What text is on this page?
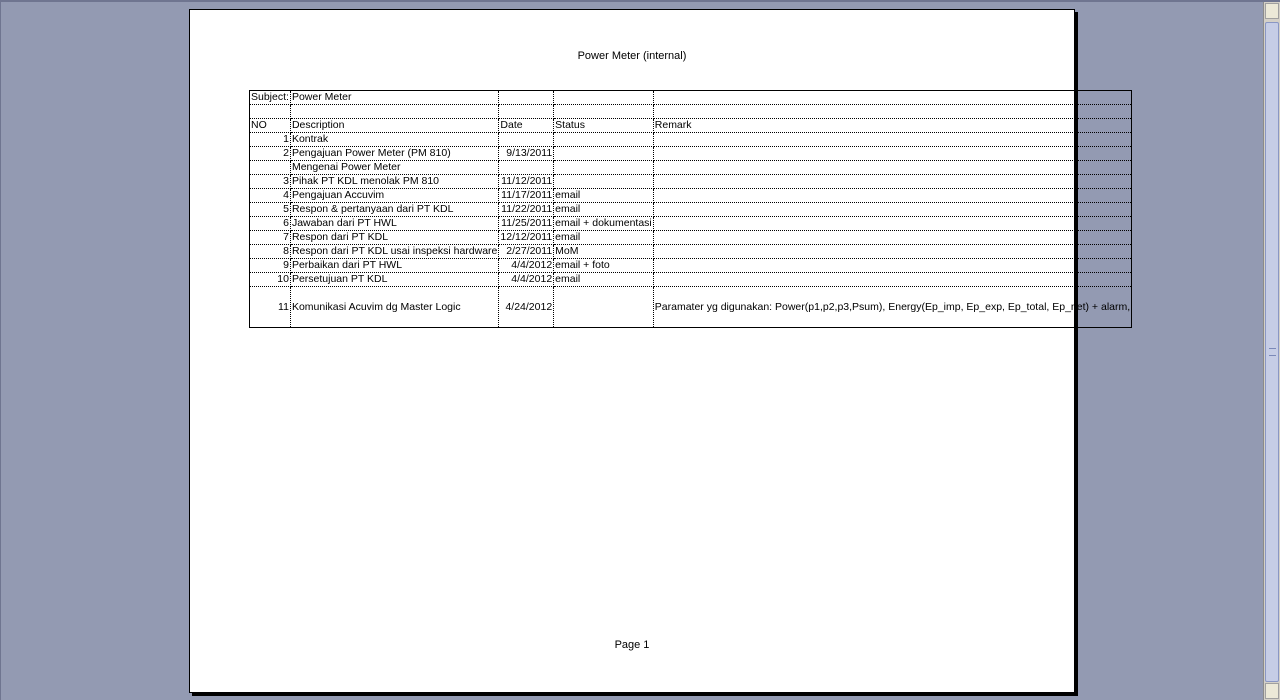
Power Meter (internal)
Subject:	Power Meter			

NO	Description	Date	Status	Remark
1	Kontrak			
2	Pengajuan Power Meter (PM 810)	9/13/2011		
	Mengenai Power Meter			
3	Pihak PT KDL menolak PM 810	11/12/2011		
4	Pengajuan Accuvim	11/17/2011	email	
5	Respon & pertanyaan dari PT KDL	11/22/2011	email	
6	Jawaban dari PT HWL	11/25/2011	email + dokumentasi	
7	Respon dari PT KDL	12/12/2011	email	
8	Respon dari PT KDL usai inspeksi hardware	2/27/2011	MoM	
9	Perbaikan dari PT HWL	4/4/2012	email + foto	
10	Persetujuan PT KDL	4/4/2012	email	
11	Komunikasi Acuvim dg Master Logic	4/24/2012		Paramater yg digunakan: Power(p1,p2,p3,Psum), Energy(Ep_imp, Ep_exp, Ep_total, Ep_net) + alarm,
Page 1
